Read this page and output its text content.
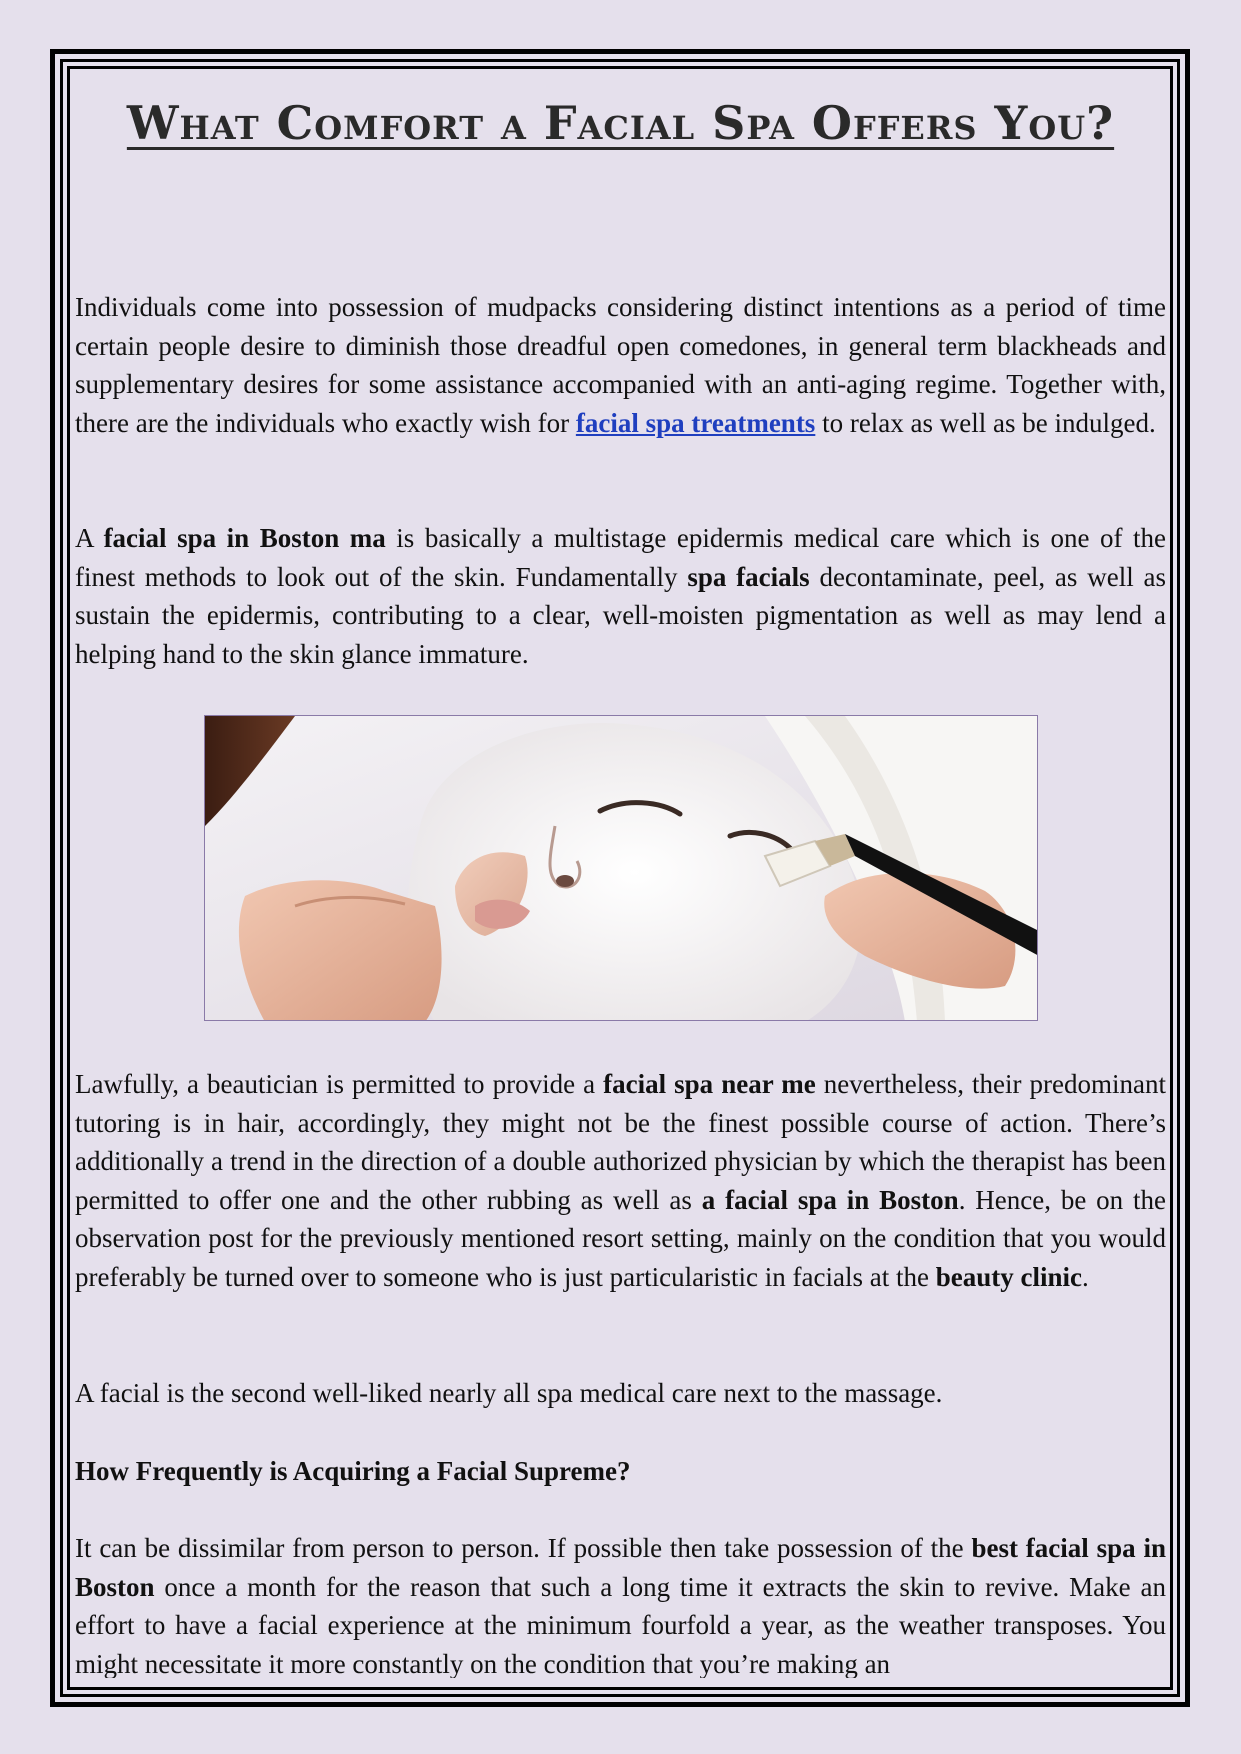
What Comfort a Facial Spa Offers You?

Individuals come into possession of mudpacks considering distinct intentions as a period of time certain people desire to diminish those dreadful open comedones, in general term blackheads and supplementary desires for some assistance accompanied with an anti-aging regime. Together with, there are the individuals who exactly wish for facial spa treatments to relax as well as be indulged.

A facial spa in Boston ma is basically a multistage epidermis medical care which is one of the finest methods to look out of the skin. Fundamentally spa facials decontaminate, peel, as well as sustain the epidermis, contributing to a clear, well-moisten pigmentation as well as may lend a helping hand to the skin glance immature.

Lawfully, a beautician is permitted to provide a facial spa near me nevertheless, their predominant tutoring is in hair, accordingly, they might not be the finest possible course of action. There’s additionally a trend in the direction of a double authorized physician by which the therapist has been permitted to offer one and the other rubbing as well as a facial spa in Boston. Hence, be on the observation post for the previously mentioned resort setting, mainly on the condition that you would preferably be turned over to someone who is just particularistic in facials at the beauty clinic.

A facial is the second well-liked nearly all spa medical care next to the massage.

How Frequently is Acquiring a Facial Supreme?

It can be dissimilar from person to person. If possible then take possession of the best facial spa in Boston once a month for the reason that such a long time it extracts the skin to revive. Make an effort to have a facial experience at the minimum fourfold a year, as the weather transposes. You might necessitate it more constantly on the condition that you’re making an
